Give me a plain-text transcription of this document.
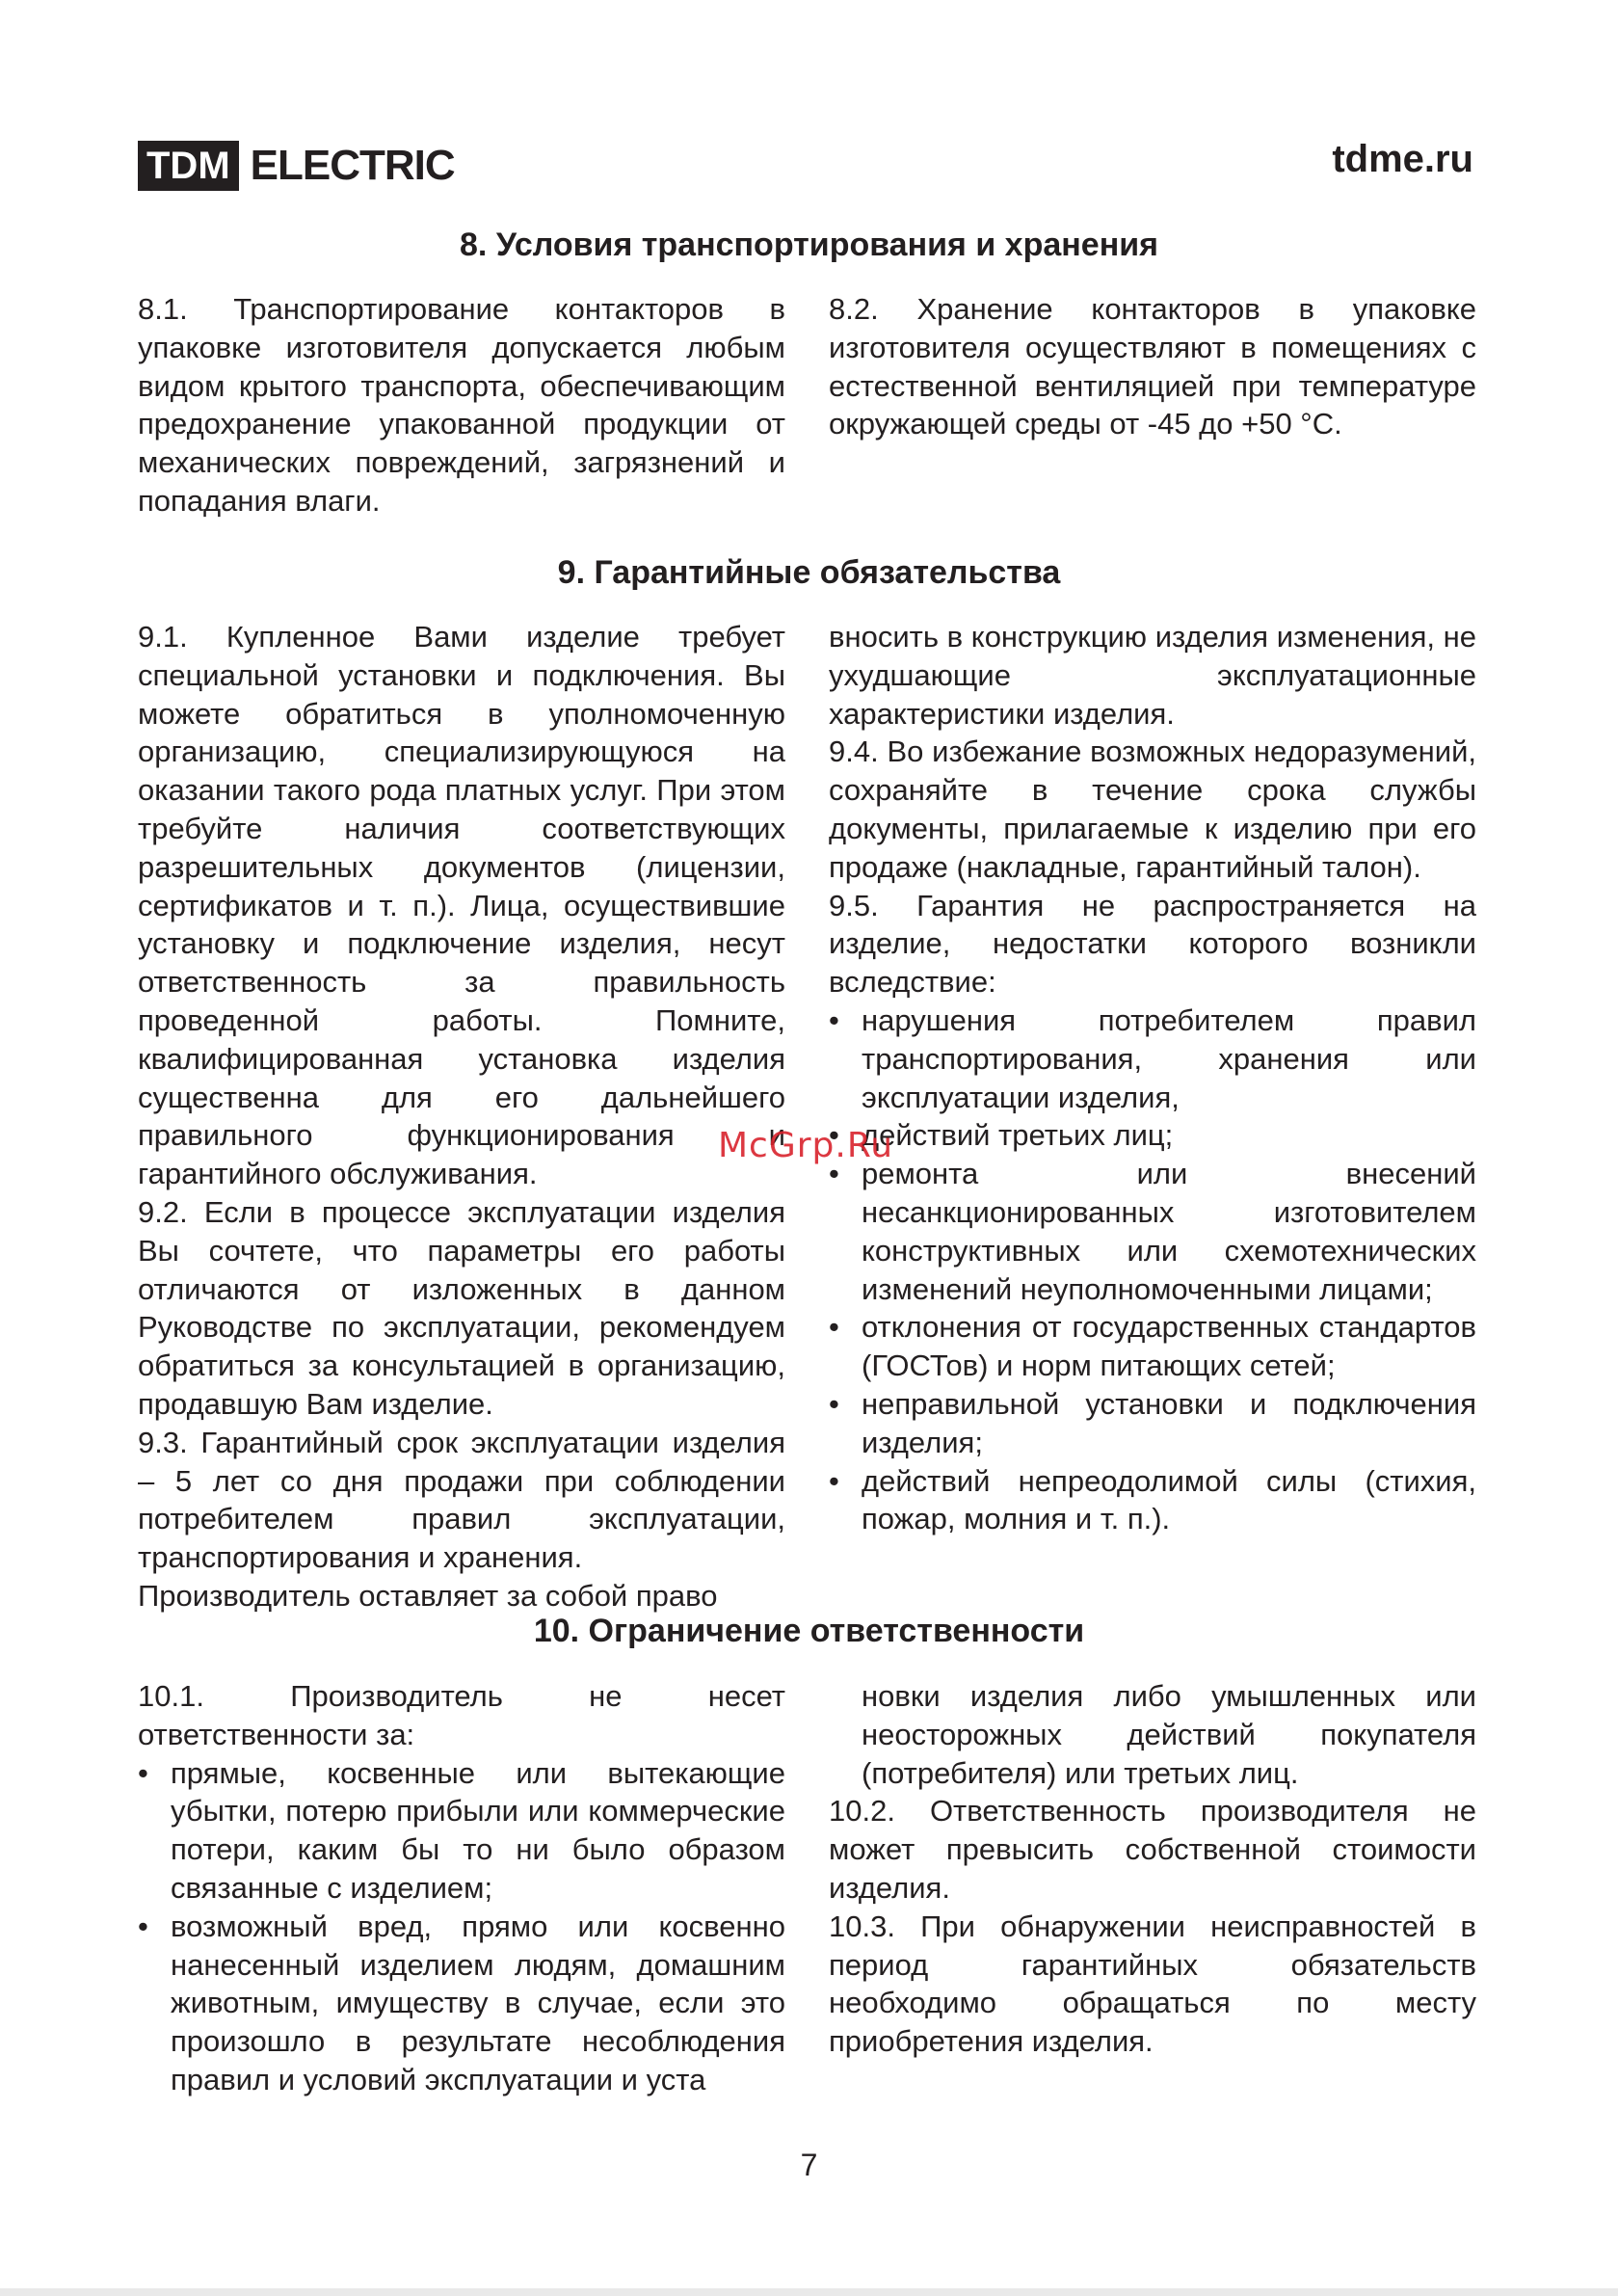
TDM ELECTRIC	tdme.ru
8. Условия транспортирования и хранения

8.1. Транспортирование контакторов в упаковке изготовителя допускается любым видом крытого транспорта, обеспечивающим предохранение упакованной продукции от механических повреждений, загрязнений и попадания влаги.

8.2. Хранение контакторов в упаковке изготовителя осуществляют в помещениях с естественной вентиляцией при температуре окружающей среды от -45 до +50 °С.

9. Гарантийные обязательства

9.1. Купленное Вами изделие требует специальной установки и подключения. Вы можете обратиться в уполномоченную организацию, специализирующуюся на оказании такого рода платных услуг. При этом требуйте наличия соответствующих разрешительных документов (лицензии, сертификатов и т. п.). Лица, осуществившие установку и подключение изделия, несут ответственность за правильность проведенной работы. Помните, квалифицированная установка изделия существенна для его дальнейшего правильного функционирования и гарантийного обслуживания.

9.2. Если в процессе эксплуатации изделия Вы сочтете, что параметры его работы отличаются от изложенных в данном Руководстве по эксплуатации, рекомендуем обратиться за консультацией в организацию, продавшую Вам изделие.

9.3. Гарантийный срок эксплуатации изделия – 5 лет со дня продажи при соблюдении потребителем правил эксплуатации, транспортирования и хранения.

Производитель оставляет за собой право

вносить в конструкцию изделия изменения, не ухудшающие эксплуатационные характеристики изделия.

9.4. Во избежание возможных недоразумений, сохраняйте в течение срока службы документы, прилагаемые к изделию при его продаже (накладные, гарантийный талон).

9.5. Гарантия не распространяется на изделие, недостатки которого возникли вследствие:

• нарушения потребителем правил транспортирования, хранения или эксплуатации изделия,

• действий третьих лиц;

• ремонта или внесений несанкционированных изготовителем конструктивных или схемотехнических изменений неуполномоченными лицами;

• отклонения от государственных стандартов (ГОСТов) и норм питающих сетей;

• неправильной установки и подключения изделия;

• действий непреодолимой силы (стихия, пожар, молния и т. п.).

McGrp.Ru
10. Ограничение ответственности

10.1. Производитель не несет ответственности за:

• прямые, косвенные или вытекающие убытки, потерю прибыли или коммерческие потери, каким бы то ни было образом связанные с изделием;

• возможный вред, прямо или косвенно нанесенный изделием людям, домашним животным, имуществу в случае, если это произошло в результате несоблюдения правил и условий эксплуатации и уста

новки изделия либо умышленных или неосторожных действий покупателя (потребителя) или третьих лиц.

10.2. Ответственность производителя не может превысить собственной стоимости изделия.

10.3. При обнаружении неисправностей в период гарантийных обязательств необходимо обращаться по месту приобретения изделия.

7
